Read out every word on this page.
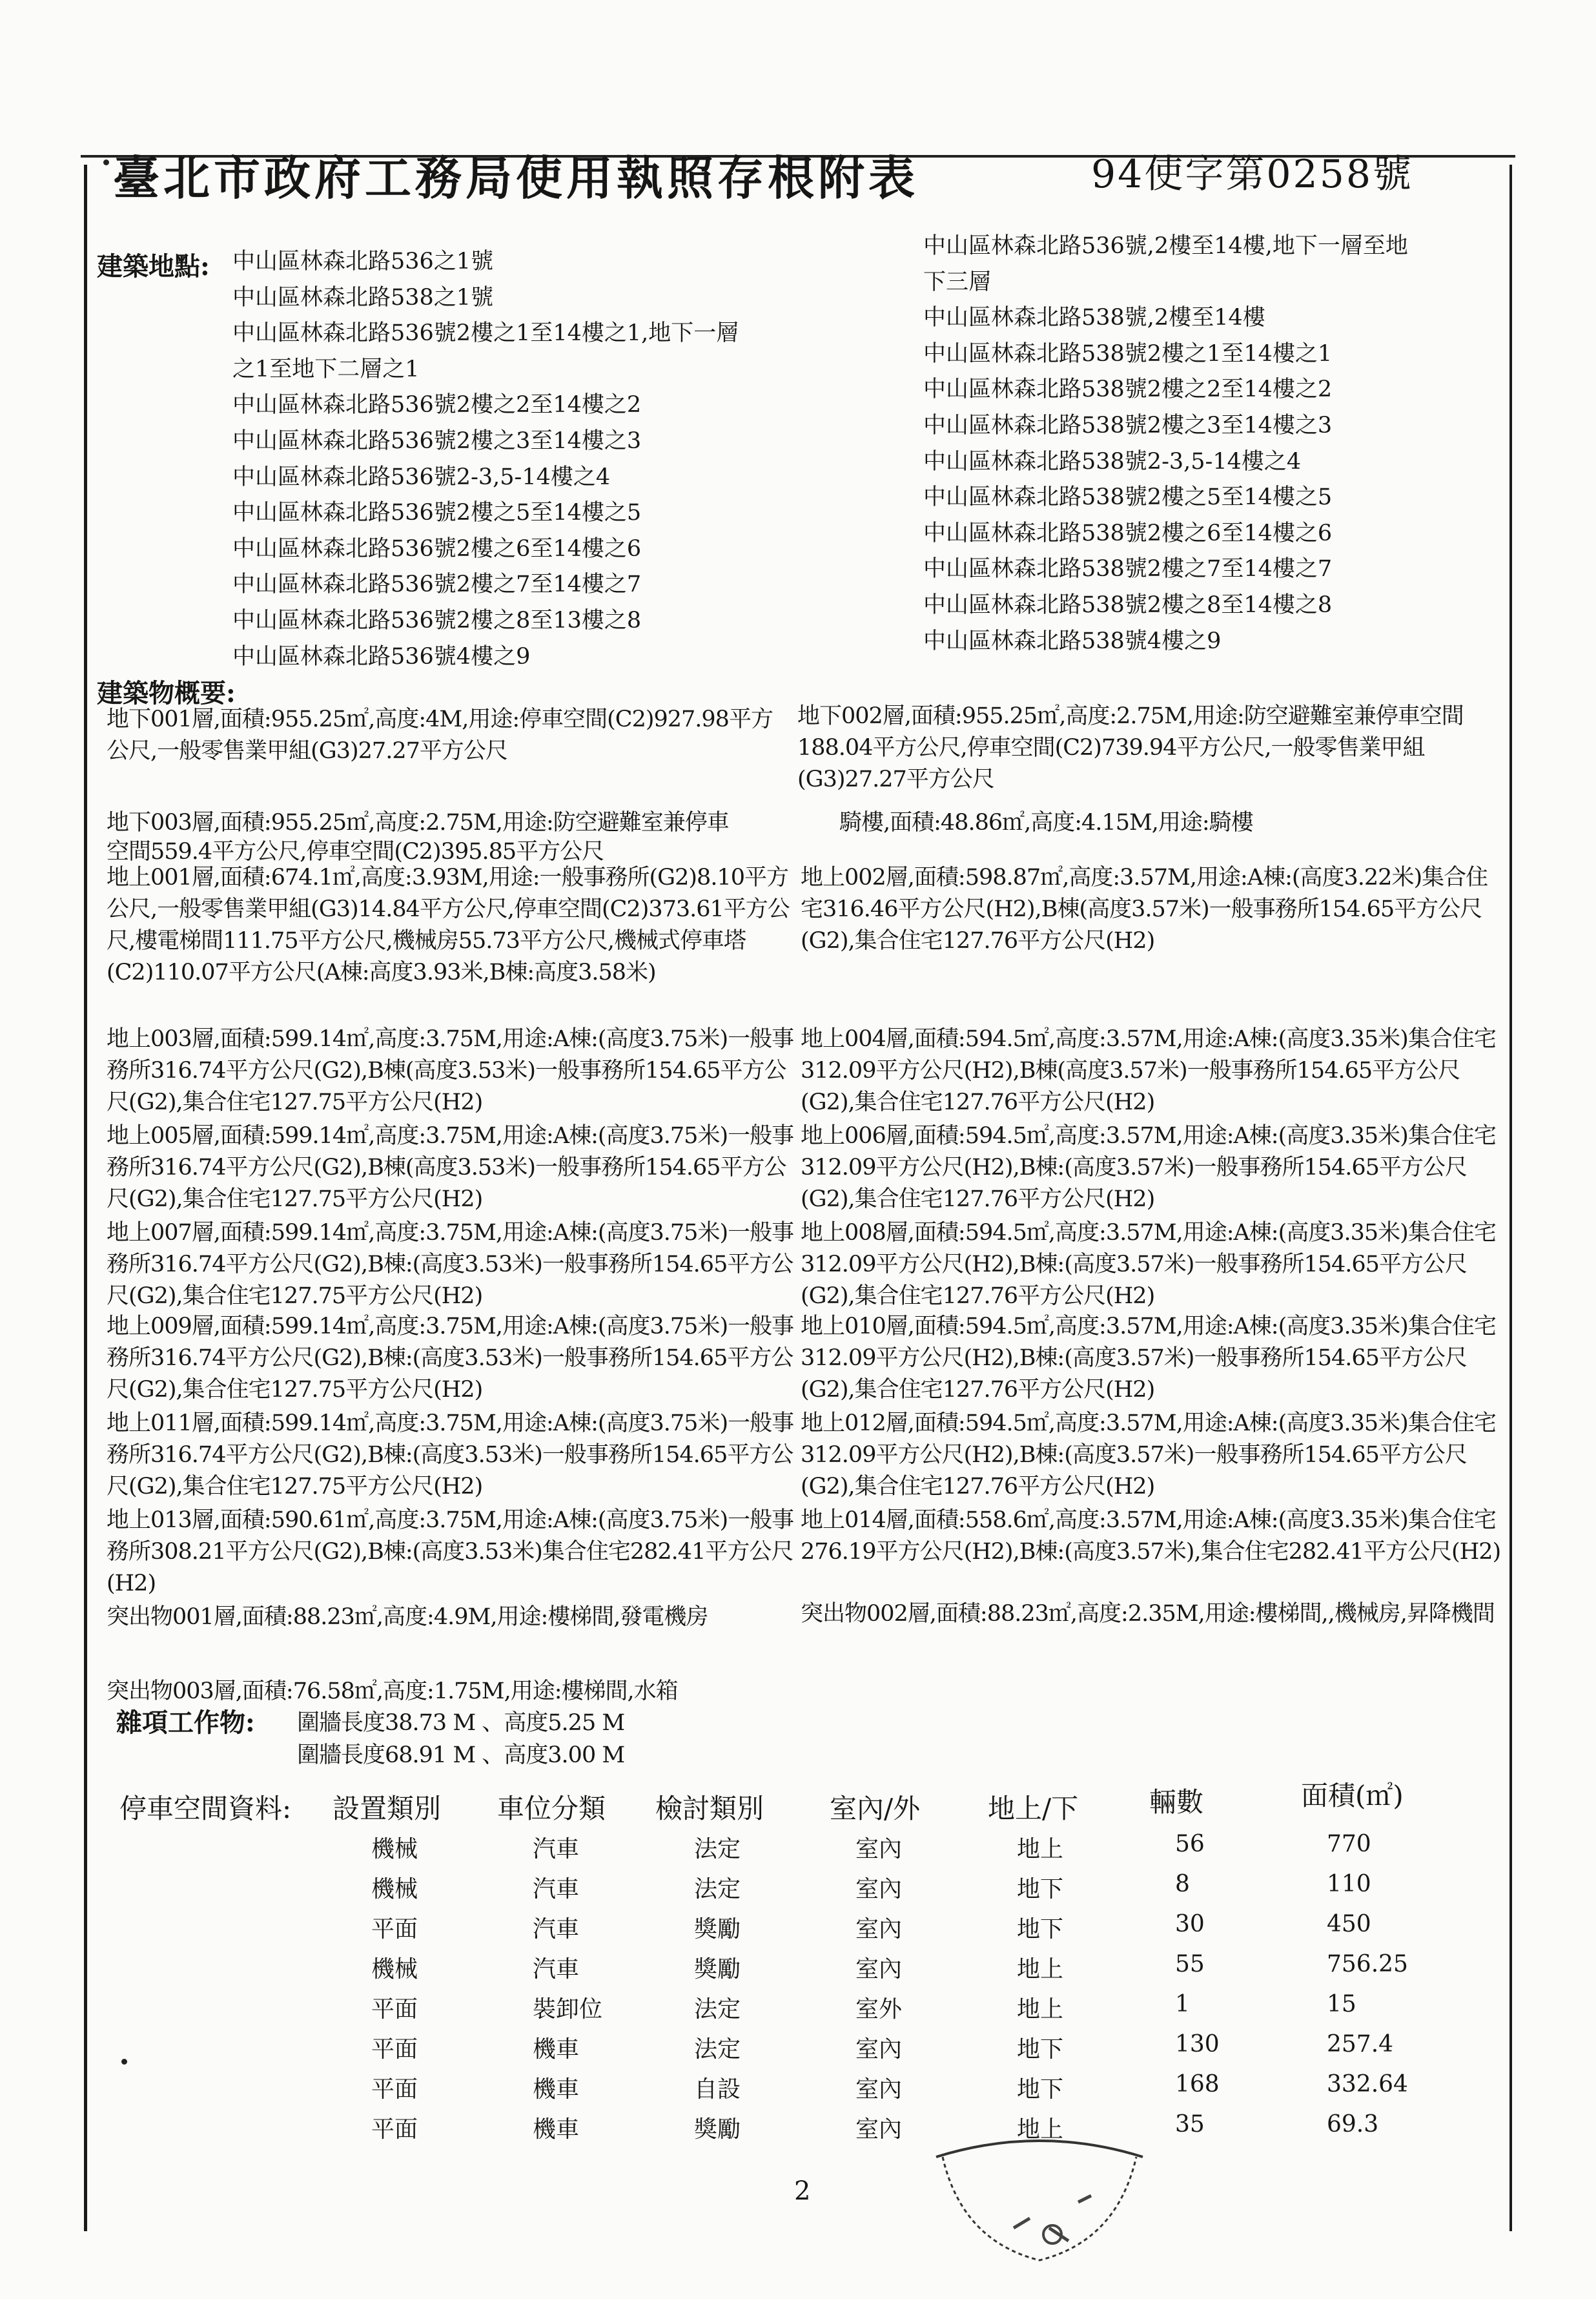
臺北市政府工務局使用執照存根附表	94使字第0258號
建築地點: 中山區林森北路536之1號
中山區林森北路538之1號
中山區林森北路536號2樓之1至14樓之1,地下一層
之1至地下二層之1
中山區林森北路536號2樓之2至14樓之2
中山區林森北路536號2樓之3至14樓之3
中山區林森北路536號2-3,5-14樓之4
中山區林森北路536號2樓之5至14樓之5
中山區林森北路536號2樓之6至14樓之6
中山區林森北路536號2樓之7至14樓之7
中山區林森北路536號2樓之8至13樓之8
中山區林森北路536號4樓之9
中山區林森北路536號,2樓至14樓,地下一層至地
下三層
中山區林森北路538號,2樓至14樓
中山區林森北路538號2樓之1至14樓之1
中山區林森北路538號2樓之2至14樓之2
中山區林森北路538號2樓之3至14樓之3
中山區林森北路538號2-3,5-14樓之4
中山區林森北路538號2樓之5至14樓之5
中山區林森北路538號2樓之6至14樓之6
中山區林森北路538號2樓之7至14樓之7
中山區林森北路538號2樓之8至14樓之8
中山區林森北路538號4樓之9
建築物概要:
地下001層,面積:955.25㎡,高度:4M,用途:停車空間(C2)927.98平方公尺,一般零售業甲組(G3)27.27平方公尺
地下002層,面積:955.25㎡,高度:2.75M,用途:防空避難室兼停車空間188.04平方公尺,停車空間(C2)739.94平方公尺,一般零售業甲組(G3)27.27平方公尺
地下003層,面積:955.25㎡,高度:2.75M,用途:防空避難室兼停車	騎樓,面積:48.86㎡,高度:4.15M,用途:騎樓
空間559.4平方公尺,停車空間(C2)395.85平方公尺
地上001層,面積:674.1㎡,高度:3.93M,用途:一般事務所(G2)8.10平方公尺,一般零售業甲組(G3)14.84平方公尺,停車空間(C2)373.61平方公尺,樓電梯間111.75平方公尺,機械房55.73平方公尺,機械式停車塔(C2)110.07平方公尺(A棟:高度3.93米,B棟:高度3.58米)
地上002層,面積:598.87㎡,高度:3.57M,用途:A棟:(高度3.22米)集合住宅316.46平方公尺(H2),B棟(高度3.57米)一般事務所154.65平方公尺(G2),集合住宅127.76平方公尺(H2)
地上003層,面積:599.14㎡,高度:3.75M,用途:A棟:(高度3.75米)一般事務所316.74平方公尺(G2),B棟(高度3.53米)一般事務所154.65平方公尺(G2),集合住宅127.75平方公尺(H2)
地上004層,面積:594.5㎡,高度:3.57M,用途:A棟:(高度3.35米)集合住宅312.09平方公尺(H2),B棟(高度3.57米)一般事務所154.65平方公尺(G2),集合住宅127.76平方公尺(H2)
地上005層,面積:599.14㎡,高度:3.75M,用途:A棟:(高度3.75米)一般事務所316.74平方公尺(G2),B棟(高度3.53米)一般事務所154.65平方公尺(G2),集合住宅127.75平方公尺(H2)
地上006層,面積:594.5㎡,高度:3.57M,用途:A棟:(高度3.35米)集合住宅312.09平方公尺(H2),B棟:(高度3.57米)一般事務所154.65平方公尺(G2),集合住宅127.76平方公尺(H2)
地上007層,面積:599.14㎡,高度:3.75M,用途:A棟:(高度3.75米)一般事務所316.74平方公尺(G2),B棟:(高度3.53米)一般事務所154.65平方公尺(G2),集合住宅127.75平方公尺(H2)
地上008層,面積:594.5㎡,高度:3.57M,用途:A棟:(高度3.35米)集合住宅312.09平方公尺(H2),B棟:(高度3.57米)一般事務所154.65平方公尺(G2),集合住宅127.76平方公尺(H2)
地上009層,面積:599.14㎡,高度:3.75M,用途:A棟:(高度3.75米)一般事務所316.74平方公尺(G2),B棟:(高度3.53米)一般事務所154.65平方公尺(G2),集合住宅127.75平方公尺(H2)
地上010層,面積:594.5㎡,高度:3.57M,用途:A棟:(高度3.35米)集合住宅312.09平方公尺(H2),B棟:(高度3.57米)一般事務所154.65平方公尺(G2),集合住宅127.76平方公尺(H2)
地上011層,面積:599.14㎡,高度:3.75M,用途:A棟:(高度3.75米)一般事務所316.74平方公尺(G2),B棟:(高度3.53米)一般事務所154.65平方公尺(G2),集合住宅127.75平方公尺(H2)
地上012層,面積:594.5㎡,高度:3.57M,用途:A棟:(高度3.35米)集合住宅312.09平方公尺(H2),B棟:(高度3.57米)一般事務所154.65平方公尺(G2),集合住宅127.76平方公尺(H2)
地上013層,面積:590.61㎡,高度:3.75M,用途:A棟:(高度3.75米)一般事務所308.21平方公尺(G2),B棟:(高度3.53米)集合住宅282.41平方公尺(H2)
地上014層,面積:558.6㎡,高度:3.57M,用途:A棟:(高度3.35米)集合住宅276.19平方公尺(H2),B棟:(高度3.57米),集合住宅282.41平方公尺(H2)
突出物001層,面積:88.23㎡,高度:4.9M,用途:樓梯間,發電機房	突出物002層,面積:88.23㎡,高度:2.35M,用途:樓梯間,,機械房,昇降機間
突出物003層,面積:76.58㎡,高度:1.75M,用途:樓梯間,水箱
雜項工作物: 圍牆長度38.73 M 、高度5.25 M
圍牆長度68.91 M 、高度3.00 M
停車空間資料: 設置類別 車位分類 檢討類別 室內/外 地上/下	輛數	面積(㎡)
機械	汽車	法定	室內	地上	56	770
機械	汽車	法定	室內	地下	8	110
平面	汽車	獎勵	室內	地下	30	450
機械	汽車	獎勵	室內	地上	55	756.25
平面	裝卸位	法定	室外	地上	1	15
平面	機車	法定	室內	地下	130	257.4
平面	機車	自設	室內	地下	168	332.64
平面	機車	獎勵	室內	地上	35	69.3
2
